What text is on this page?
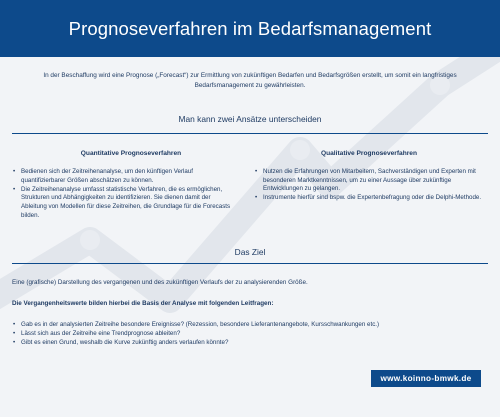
Prognoseverfahren im Bedarfsmanagement

In der Beschaffung wird eine Prognose („Forecast“) zur Ermittlung von zukünftigen Bedarfen und Bedarfsgrößen erstellt, um somit ein langfristiges Bedarfsmanagement zu gewährleisten.

Man kann zwei Ansätze unterscheiden
Quantitative Prognoseverfahren	Qualitative Prognoseverfahren
• Bedienen sich der Zeitreihenanalyse, um den künftigen Verlauf quantifizierbarer Größen abschätzen zu können.
• Die Zeitreihenanalyse umfasst statistische Verfahren, die es ermöglichen, Strukturen und Abhängigkeiten zu identifizieren. Sie dienen damit der Ableitung von Modellen für diese Zeitreihen, die Grundlage für die Forecasts bilden.
• Nutzen die Erfahrungen von Mitarbeitern, Sachverständigen und Experten mit besonderen Marktkenntnissen, um zu einer Aussage über zukünftige Entwicklungen zu gelangen.
• Instrumente hierfür sind bspw. die Expertenbefragung oder die Delphi-Methode.
Das Ziel

Eine (grafische) Darstellung des vergangenen und des zukünftigen Verlaufs der zu analysierenden Größe.

Die Vergangenheitswerte bilden hierbei die Basis der Analyse mit folgenden Leitfragen:

• Gab es in der analysierten Zeitreihe besondere Ereignisse? (Rezession, besondere Lieferantenangebote, Kursschwankungen etc.)
• Lässt sich aus der Zeitreihe eine Trendprognose ableiten?
• Gibt es einen Grund, weshalb die Kurve zukünftig anders verlaufen könnte?
www.koinno-bmwk.de
